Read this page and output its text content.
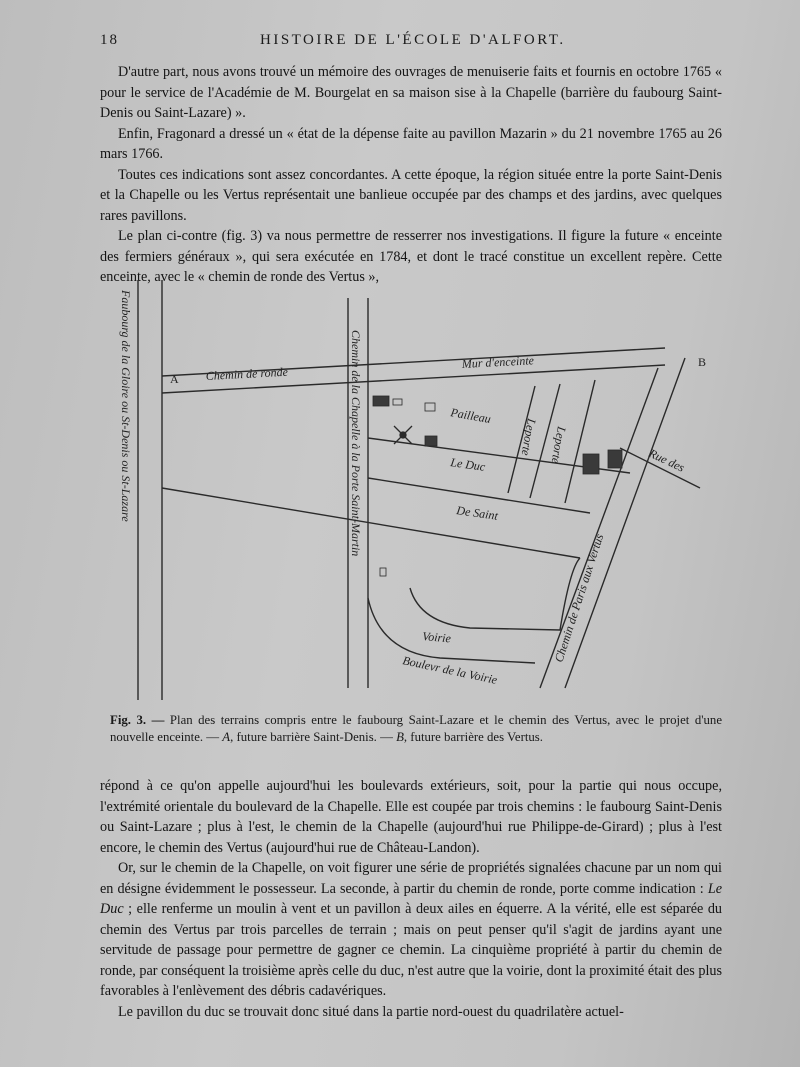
18	HISTOIRE DE L'ÉCOLE D'ALFORT.

D'autre part, nous avons trouvé un mémoire des ouvrages de menuiserie faits et fournis en octobre 1765 « pour le service de l'Académie de M. Bourgelat en sa maison sise à la Chapelle (barrière du faubourg Saint-Denis ou Saint-Lazare) ».

Enfin, Fragonard a dressé un « état de la dépense faite au pavillon Mazarin » du 21 novembre 1765 au 26 mars 1766.

Toutes ces indications sont assez concordantes. A cette époque, la région située entre la porte Saint-Denis et la Chapelle ou les Vertus représentait une banlieue occupée par des champs et des jardins, avec quelques rares pavillons.

Le plan ci-contre (fig. 3) va nous permettre de resserrer nos investigations. Il figure la future « enceinte des fermiers généraux », qui sera exécutée en 1784, et dont le tracé constitue un excellent repère. Cette enceinte, avec le « chemin de ronde des Vertus »,

Faubourg de la Gloire ou St-Denis ou St-Lazare	A Chemin de ronde
Mur d'enceinte	B
Chemin de la Chapelle à la Porte Saint-Martin	Pailleau
Le Duc
Leporte Leporte
De Saint
Rue des
Voirie
Boulevr de la Voirie
Chemin de Paris aux Vertus
Fig. 3. — Plan des terrains compris entre le faubourg Saint-Lazare et le chemin des Vertus, avec le projet d'une nouvelle enceinte. — A, future barrière Saint-Denis. — B, future barrière des Vertus.

répond à ce qu'on appelle aujourd'hui les boulevards extérieurs, soit, pour la partie qui nous occupe, l'extrémité orientale du boulevard de la Chapelle. Elle est coupée par trois chemins : le faubourg Saint-Denis ou Saint-Lazare ; plus à l'est, le chemin de la Chapelle (aujourd'hui rue Philippe-de-Girard) ; plus à l'est encore, le chemin des Vertus (aujourd'hui rue de Château-Landon).

Or, sur le chemin de la Chapelle, on voit figurer une série de propriétés signalées chacune par un nom qui en désigne évidemment le possesseur. La seconde, à partir du chemin de ronde, porte comme indication : Le Duc ; elle renferme un moulin à vent et un pavillon à deux ailes en équerre. A la vérité, elle est séparée du chemin des Vertus par trois parcelles de terrain ; mais on peut penser qu'il s'agit de jardins ayant une servitude de passage pour permettre de gagner ce chemin. La cinquième propriété à partir du chemin de ronde, par conséquent la troisième après celle du duc, n'est autre que la voirie, dont la proximité était des plus favorables à l'enlèvement des débris cadavériques.

Le pavillon du duc se trouvait donc situé dans la partie nord-ouest du quadrilatère actuel-
